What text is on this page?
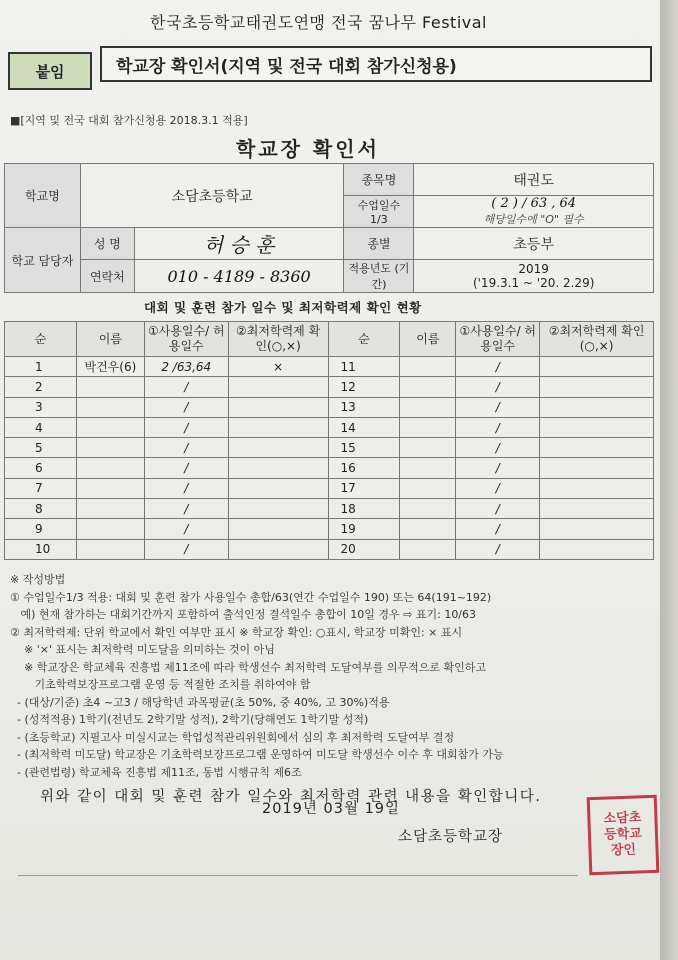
한국초등학교태권도연맹 전국 꿈나무 Festival
붙임	학교장 확인서(지역 및 전국 대회 참가신청용)
■[지역 및 전국 대회 참가신청용 2018.3.1 적용]
학교장 확인서
학교명	소담초등학교		종목명	태권도
			수업일수 1/3	( 2 ) / 63 , 64
해당일수에 "O" 필수

학교 담당자	성 명	허 승 훈	종별	초등부
	연락처	010 - 4189 - 8360	적용년도 (기간)	2019
('19.3.1 ~ '20. 2.29)
대회 및 훈련 참가 일수 및 최저학력제 확인 현황
순	이름	①사용일수/ 허용일수	②최저학력제 확인(○,×)	순	이름	①사용일수/ 허용일수	②최저학력제 확인(○,×)
1	박건우(6)	2 /63,64	×	11		/	
2		/		12		/	
3		/		13		/	
4		/		14		/	
5		/		15		/	
6		/		16		/	
7		/		17		/	
8		/		18		/	
9		/		19		/	
10		/		20		/	
※ 작성방법
① 수업일수1/3 적용: 대회 및 훈련 참가 사용일수 총합/63(연간 수업일수 190) 또는 64(191~192)
예) 현재 참가하는 대회기간까지 포함하여 출석인정 결석일수 총합이 10일 경우 ⇨ 표기: 10/63
② 최저학력제: 단위 학교에서 확인 여부만 표시 ※ 학교장 확인: ○표시, 학교장 미확인: × 표시
※ '×' 표시는 최저학력 미도달을 의미하는 것이 아님
※ 학교장은 학교체육 진흥법 제11조에 따라 학생선수 최저학력 도달여부를 의무적으로 확인하고
기초학력보장프로그램 운영 등 적절한 조치를 취하여야 함
- (대상/기준) 초4 ~고3 / 해당학년 과목평균(초 50%, 중 40%, 고 30%)적용
- (성적적용) 1학기(전년도 2학기말 성적), 2학기(당해연도 1학기말 성적)
- (초등학교) 지필고사 미실시교는 학업성적관리위원회에서 심의 후 최저학력 도달여부 결정
- (최저학력 미도달) 학교장은 기초학력보장프로그램 운영하여 미도달 학생선수 이수 후 대회참가 가능
- (관련법령) 학교체육 진흥법 제11조, 동법 시행규칙 제6조
위와 같이 대회 및 훈련 참가 일수와 최저학력 관련 내용을 확인합니다.
2019년 03월 19일
소담초등학교장
소담초등학교장인
